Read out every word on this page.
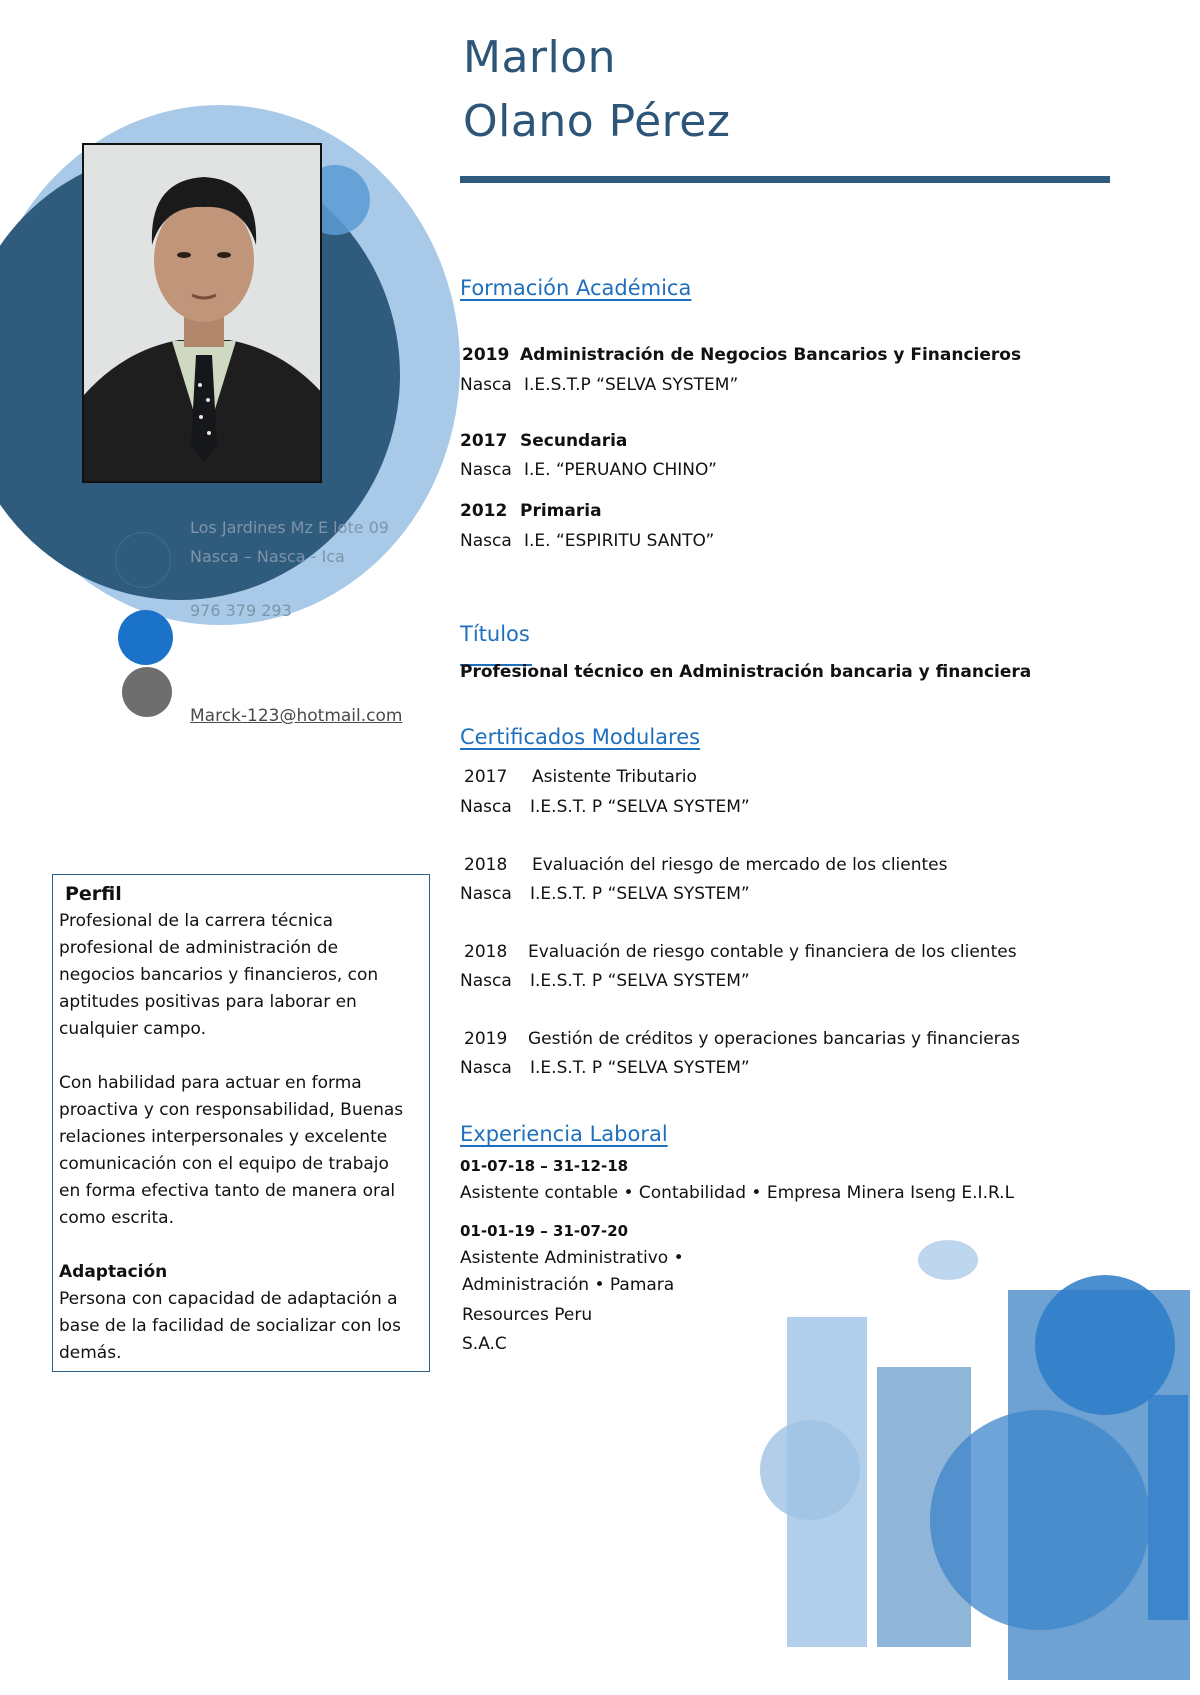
Marlon
Olano Pérez
Los Jardines Mz E lote 09
Nasca – Nasca - Ica
976 379 293
Marck-123@hotmail.com
Perfil

Profesional de la carrera técnica

profesional de administración de

negocios bancarios y financieros, con

aptitudes positivas para laborar en

cualquier campo.

Con habilidad para actuar en forma

proactiva y con responsabilidad, Buenas

relaciones interpersonales y excelente

comunicación con el equipo de trabajo

en forma efectiva tanto de manera oral

como escrita.

Adaptación

Persona con capacidad de adaptación a

base de la facilidad de socializar con los

demás.

Formación Académica
2019 Administración de Negocios Bancarios y Financieros
Nasca I.E.S.T.P “SELVA SYSTEM”
2017 Secundaria
Nasca I.E. “PERUANO CHINO”
2012 Primaria
Nasca I.E. “ESPIRITU SANTO”
Títulos
Profesional técnico en Administración bancaria y financiera
Certificados Modulares
2017 Asistente Tributario
Nasca I.E.S.T. P “SELVA SYSTEM”
2018 Evaluación del riesgo de mercado de los clientes
Nasca I.E.S.T. P “SELVA SYSTEM”
2018 Evaluación de riesgo contable y financiera de los clientes
Nasca I.E.S.T. P “SELVA SYSTEM”
2019 Gestión de créditos y operaciones bancarias y financieras
Nasca I.E.S.T. P “SELVA SYSTEM”
Experiencia Laboral
01-07-18 – 31-12-18
Asistente contable • Contabilidad • Empresa Minera Iseng E.I.R.L
01-01-19 – 31-07-20
Asistente Administrativo •
Administración • Pamara
Resources Peru
S.A.C
